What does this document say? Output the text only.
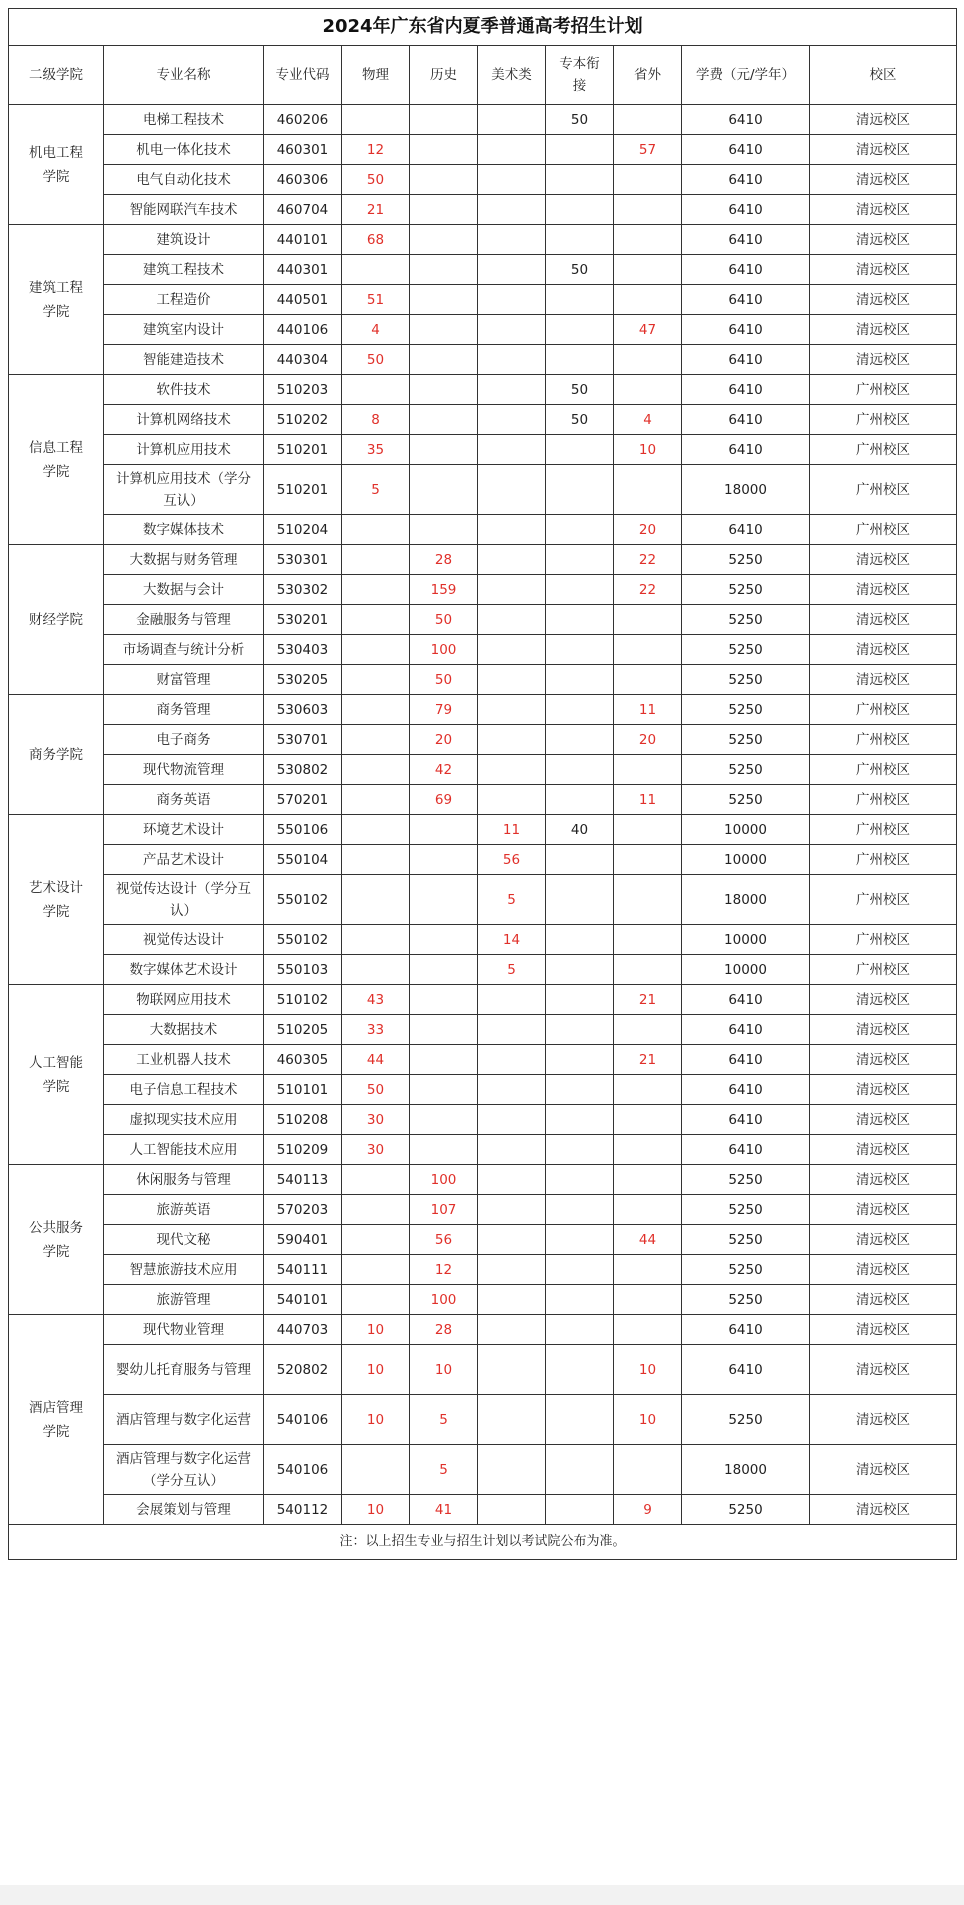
2024年广东省内夏季普通高考招生计划									
二级学院	专业名称	专业代码	物理	历史	美术类	专本衔接	省外	学费（元/学年）	校区
机电工程学院	电梯工程技术	460206				50		6410	清远校区
	机电一体化技术	460301	12				57	6410	清远校区
	电气自动化技术	460306	50					6410	清远校区
	智能网联汽车技术	460704	21					6410	清远校区
建筑工程学院	建筑设计	440101	68					6410	清远校区
	建筑工程技术	440301				50		6410	清远校区
	工程造价	440501	51					6410	清远校区
	建筑室内设计	440106	4				47	6410	清远校区
	智能建造技术	440304	50					6410	清远校区
信息工程学院	软件技术	510203				50		6410	广州校区
	计算机网络技术	510202	8			50	4	6410	广州校区
	计算机应用技术	510201	35				10	6410	广州校区
	计算机应用技术（学分互认）	510201	5					18000	广州校区
	数字媒体技术	510204					20	6410	广州校区
财经学院	大数据与财务管理	530301		28			22	5250	清远校区
	大数据与会计	530302		159			22	5250	清远校区
	金融服务与管理	530201		50				5250	清远校区
	市场调查与统计分析	530403		100				5250	清远校区
	财富管理	530205		50				5250	清远校区
商务学院	商务管理	530603		79			11	5250	广州校区
	电子商务	530701		20			20	5250	广州校区
	现代物流管理	530802		42				5250	广州校区
	商务英语	570201		69			11	5250	广州校区
艺术设计学院	环境艺术设计	550106			11	40		10000	广州校区
	产品艺术设计	550104			56			10000	广州校区
	视觉传达设计（学分互认）	550102			5			18000	广州校区
	视觉传达设计	550102			14			10000	广州校区
	数字媒体艺术设计	550103			5			10000	广州校区
人工智能学院	物联网应用技术	510102	43				21	6410	清远校区
	大数据技术	510205	33					6410	清远校区
	工业机器人技术	460305	44				21	6410	清远校区
	电子信息工程技术	510101	50					6410	清远校区
	虚拟现实技术应用	510208	30					6410	清远校区
	人工智能技术应用	510209	30					6410	清远校区
公共服务学院	休闲服务与管理	540113		100				5250	清远校区
	旅游英语	570203		107				5250	清远校区
	现代文秘	590401		56			44	5250	清远校区
	智慧旅游技术应用	540111		12				5250	清远校区
	旅游管理	540101		100				5250	清远校区
酒店管理学院	现代物业管理	440703	10	28				6410	清远校区
	婴幼儿托育服务与管理	520802	10	10			10	6410	清远校区
	酒店管理与数字化运营	540106	10	5			10	5250	清远校区
	酒店管理与数字化运营（学分互认）	540106		5				18000	清远校区
	会展策划与管理	540112	10	41			9	5250	清远校区
注：以上招生专业与招生计划以考试院公布为准。									
